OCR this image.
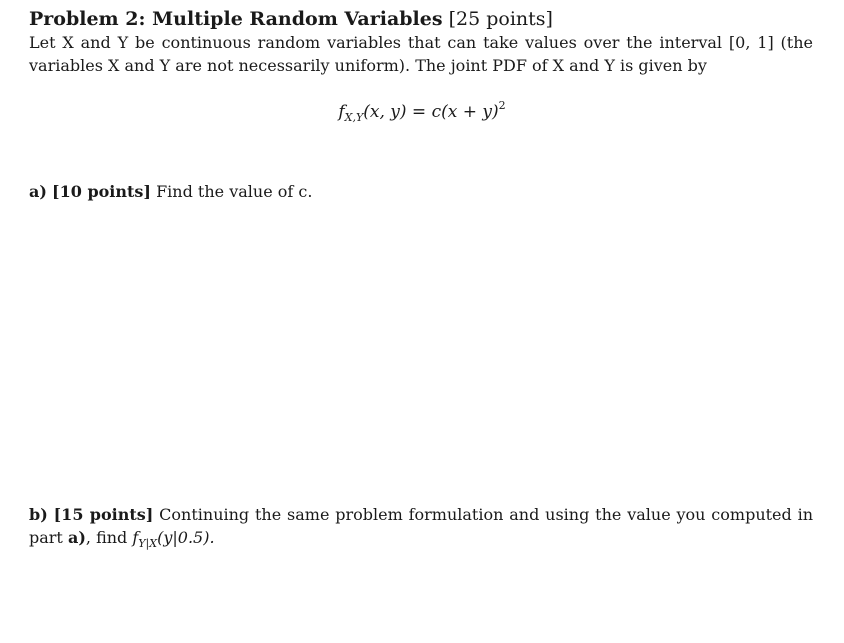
Problem 2: Multiple Random Variables [25 points]
Let X and Y be continuous random variables that can take values over the interval [0, 1] (the
variables X and Y are not necessarily uniform). The joint PDF of X and Y is given by
$f_{X,Y}(x$, $y) = c(x + y)^2$
a) [10 points] Find the value of c.
b) [15 points] Continuing the same problem formulation and using the value you computed in
part a), find $f_{Y|X}(y|0.5)$.
